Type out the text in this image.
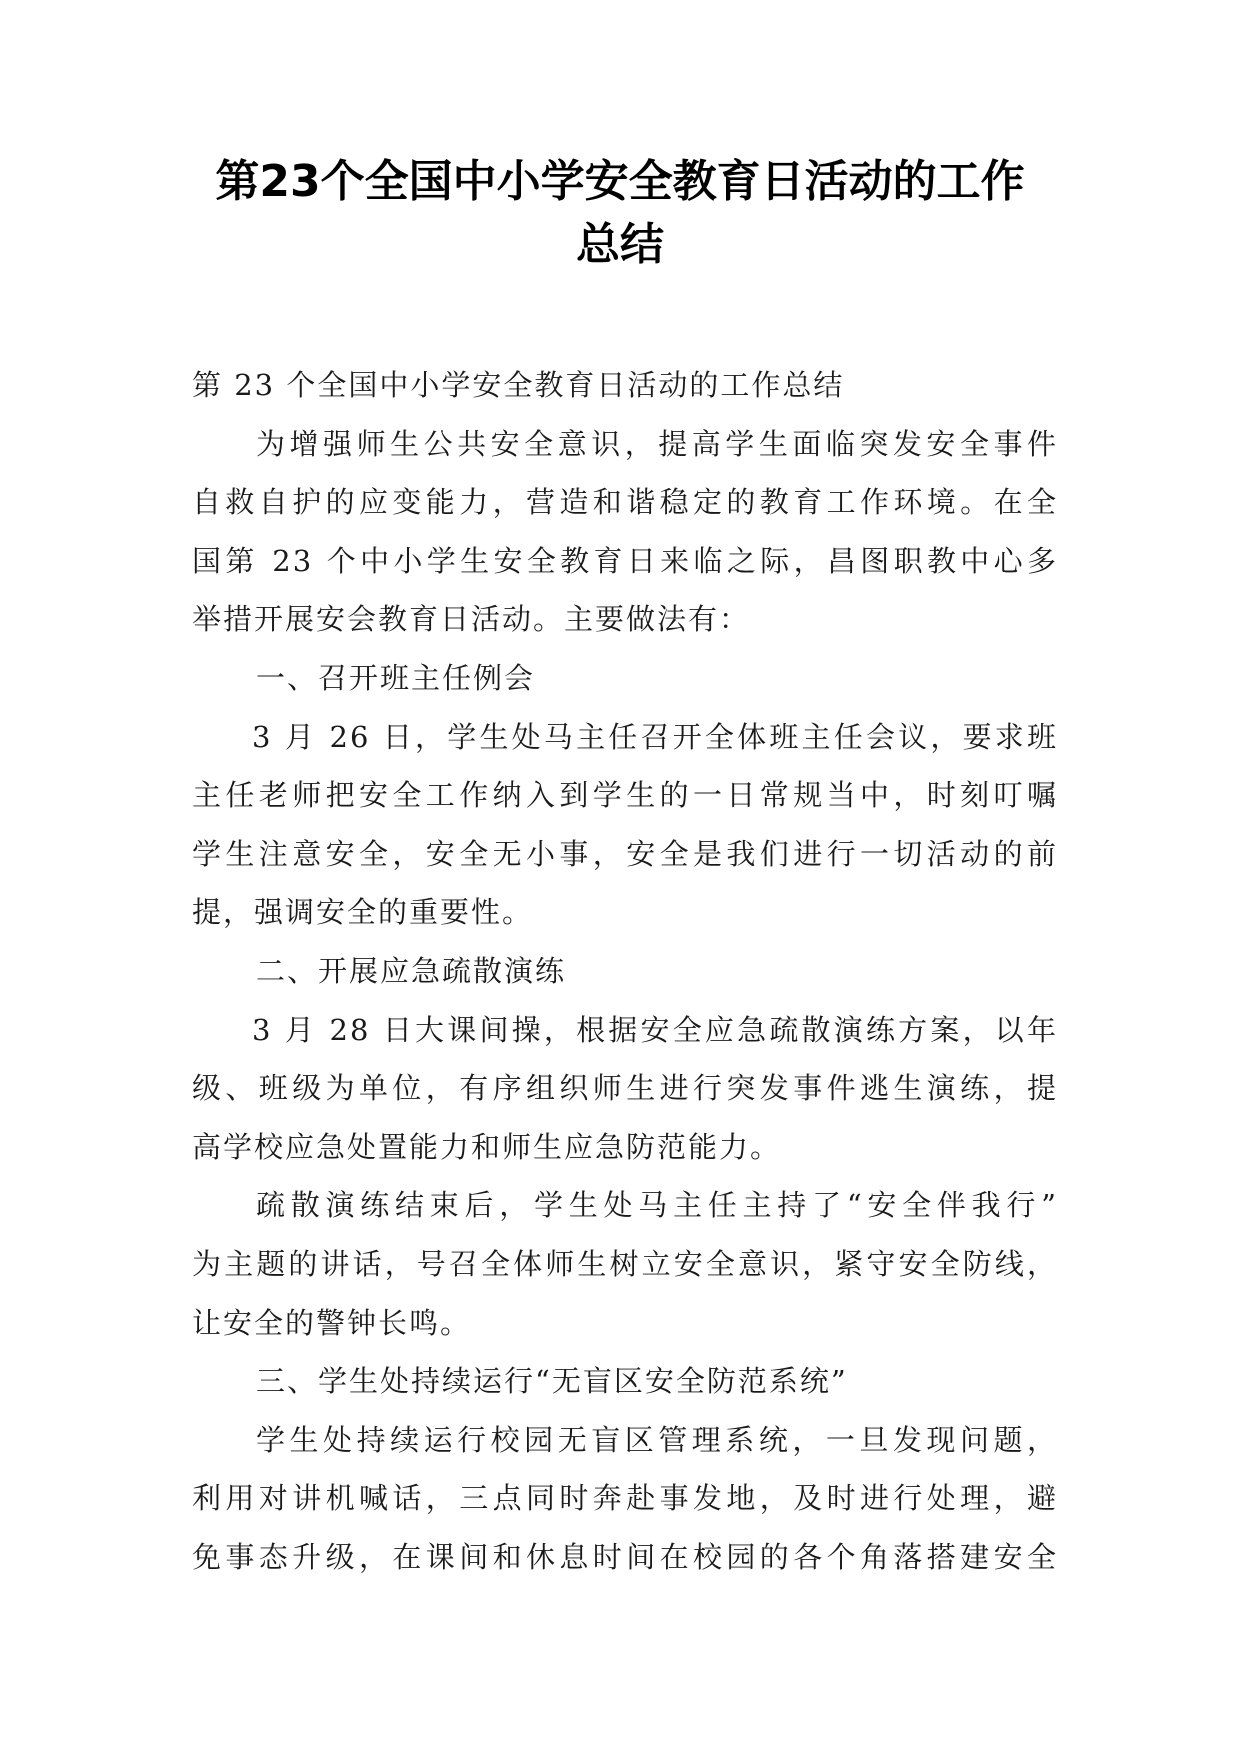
第23个全国中小学安全教育日活动的工作
总结
第 23 个全国中小学安全教育日活动的工作总结
为增强师生公共安全意识，提高学生面临突发安全事件
自救自护的应变能力，营造和谐稳定的教育工作环境。在全
国第 23 个中小学生安全教育日来临之际，昌图职教中心多
举措开展安会教育日活动。主要做法有：
一、召开班主任例会
3 月 26 日，学生处马主任召开全体班主任会议，要求班
主任老师把安全工作纳入到学生的一日常规当中，时刻叮嘱
学生注意安全，安全无小事，安全是我们进行一切活动的前
提，强调安全的重要性。
二、开展应急疏散演练
3 月 28 日大课间操，根据安全应急疏散演练方案，以年
级、班级为单位，有序组织师生进行突发事件逃生演练，提
高学校应急处置能力和师生应急防范能力。
疏散演练结束后，学生处马主任主持了“安全伴我行”
为主题的讲话，号召全体师生树立安全意识，紧守安全防线，
让安全的警钟长鸣。
三、学生处持续运行“无盲区安全防范系统”
学生处持续运行校园无盲区管理系统，一旦发现问题，
利用对讲机喊话，三点同时奔赴事发地，及时进行处理，避
免事态升级，在课间和休息时间在校园的各个角落搭建安全
